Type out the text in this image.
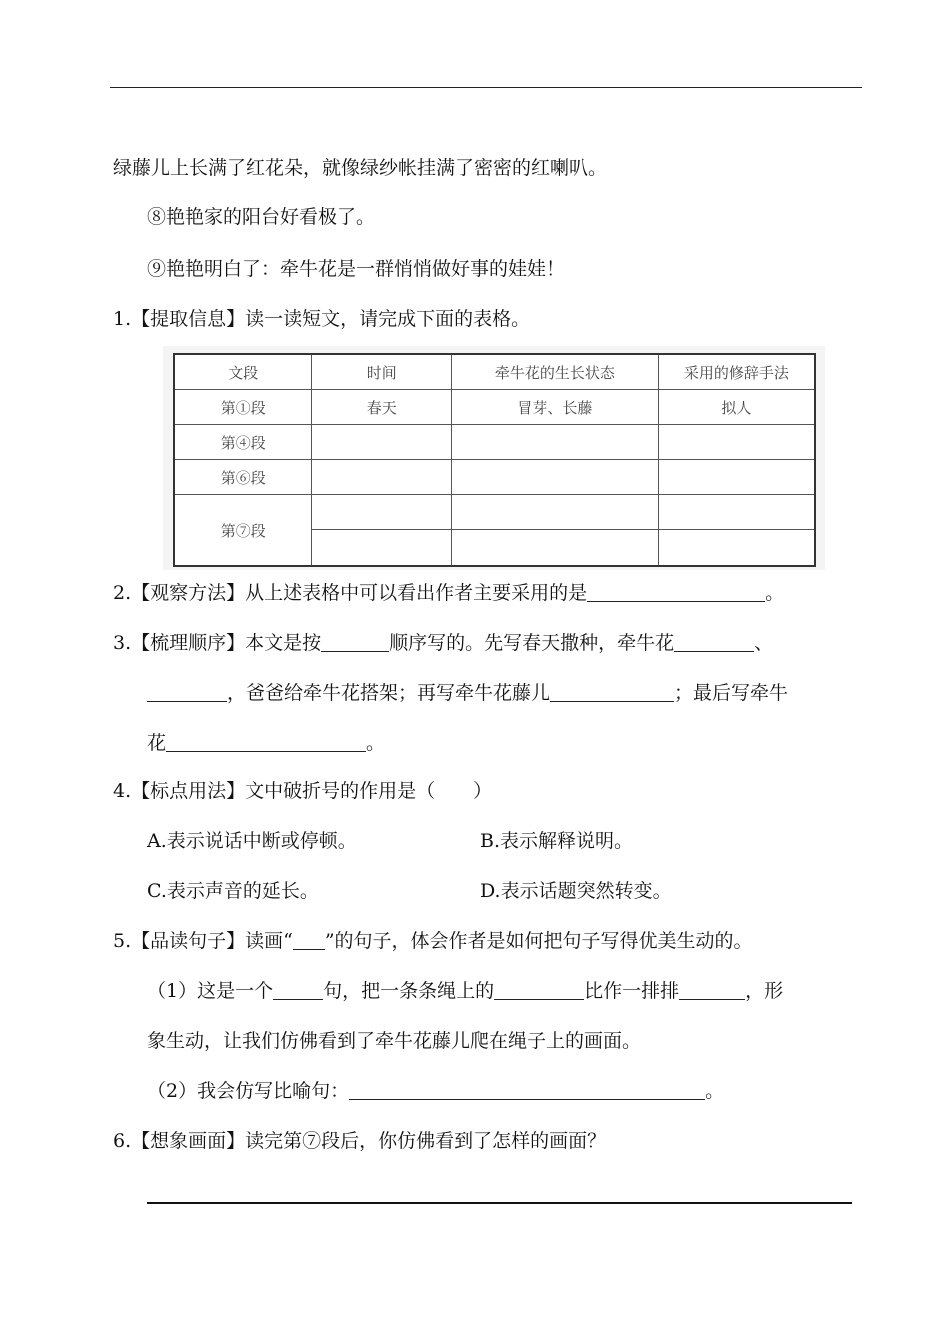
绿藤儿上长满了红花朵，就像绿纱帐挂满了密密的红喇叭。
⑧艳艳家的阳台好看极了。
⑨艳艳明白了：牵牛花是一群悄悄做好事的娃娃！
1.【提取信息】读一读短文，请完成下面的表格。
文段	时间	牵牛花的生长状态	采用的修辞手法
第①段	春天	冒芽、长藤	拟人
第④段			
第⑥段			
第⑦段			

2.【观察方法】从上述表格中可以看出作者主要采用的是	。
3.【梳理顺序】本文是按	顺序写的。先写春天撒种，牵牛花	、
，爸爸给牵牛花搭架；再写牵牛花藤儿	；最后写牵牛
花	。
4.【标点用法】文中破折号的作用是（　　）
A.表示说话中断或停顿。	B.表示解释说明。
C.表示声音的延长。	D.表示话题突然转变。
5.【品读句子】读画“ ”的句子，体会作者是如何把句子写得优美生动的。
（1）这是一个	句，把一条条绳上的	比作一排排	，形
象生动，让我们仿佛看到了牵牛花藤儿爬在绳子上的画面。
（2）我会仿写比喻句：	。
6.【想象画面】读完第⑦段后，你仿佛看到了怎样的画面？
